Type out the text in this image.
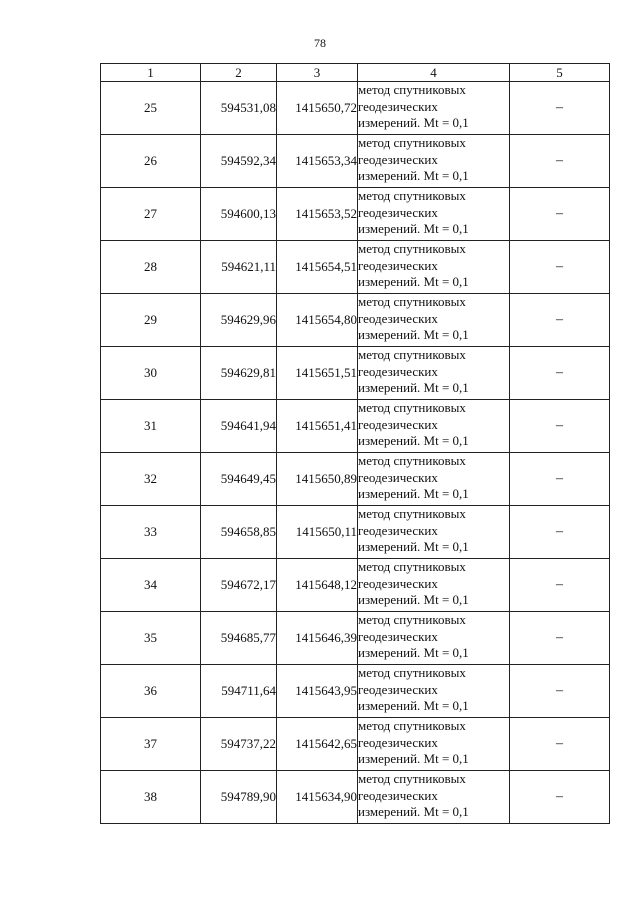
78
1	2	3	4	5
25	594531,08	1415650,72	метод спутниковых
геодезических
измерений. Mt = 0,1	–
26	594592,34	1415653,34	метод спутниковых
геодезических
измерений. Mt = 0,1	–
27	594600,13	1415653,52	метод спутниковых
геодезических
измерений. Mt = 0,1	–
28	594621,11	1415654,51	метод спутниковых
геодезических
измерений. Mt = 0,1	–
29	594629,96	1415654,80	метод спутниковых
геодезических
измерений. Mt = 0,1	–
30	594629,81	1415651,51	метод спутниковых
геодезических
измерений. Mt = 0,1	–
31	594641,94	1415651,41	метод спутниковых
геодезических
измерений. Mt = 0,1	–
32	594649,45	1415650,89	метод спутниковых
геодезических
измерений. Mt = 0,1	–
33	594658,85	1415650,11	метод спутниковых
геодезических
измерений. Mt = 0,1	–
34	594672,17	1415648,12	метод спутниковых
геодезических
измерений. Mt = 0,1	–
35	594685,77	1415646,39	метод спутниковых
геодезических
измерений. Mt = 0,1	–
36	594711,64	1415643,95	метод спутниковых
геодезических
измерений. Mt = 0,1	–
37	594737,22	1415642,65	метод спутниковых
геодезических
измерений. Mt = 0,1	–
38	594789,90	1415634,90	метод спутниковых
геодезических
измерений. Mt = 0,1	–
